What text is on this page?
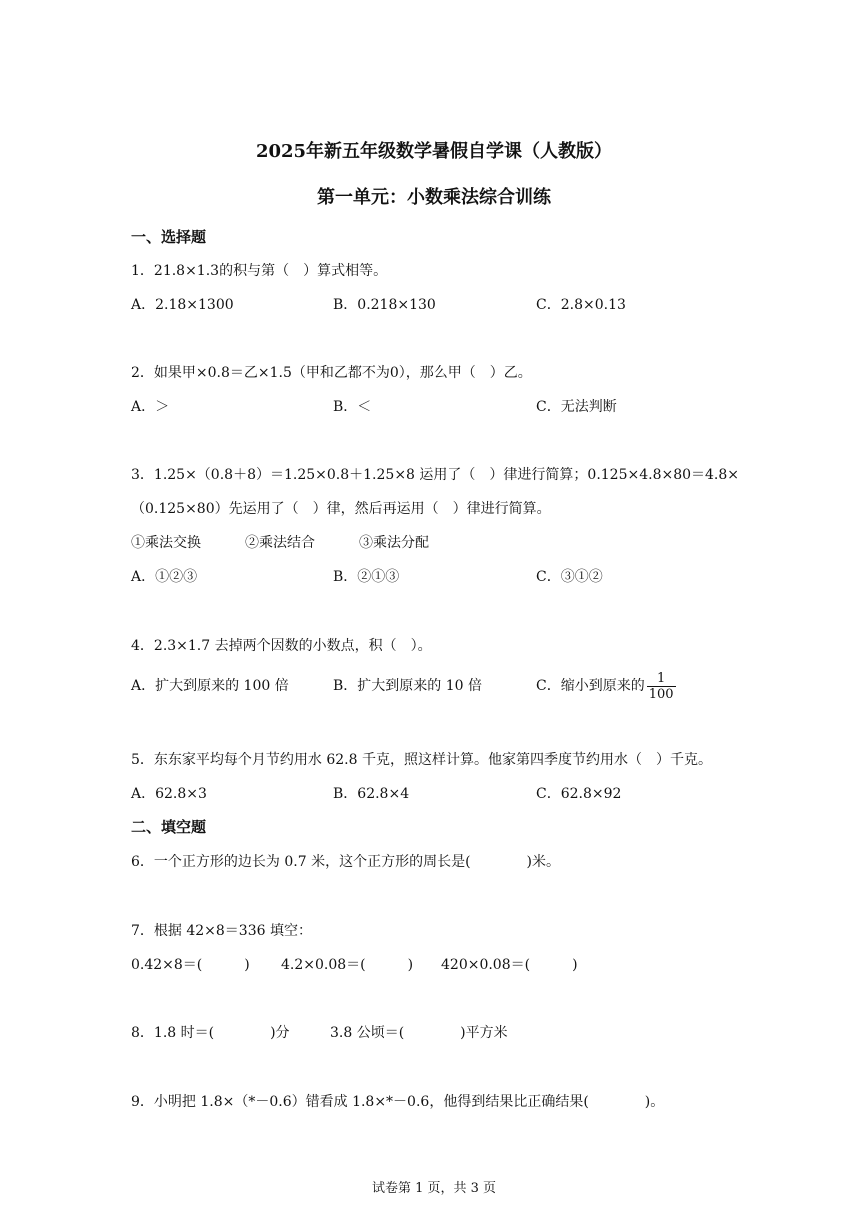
2025年新五年级数学暑假自学课（人教版）
第一单元：小数乘法综合训练
一、选择题
1．21.8×1.3的积与第（　）算式相等。
A．2.18×1300	B．0.218×130	C．2.8×0.13
2．如果甲×0.8＝乙×1.5（甲和乙都不为0），那么甲（　）乙。
A．＞	B．＜	C．无法判断
3．1.25×（0.8＋8）＝1.25×0.8＋1.25×8 运用了（　）律进行简算；0.125×4.8×80＝4.8×
（0.125×80）先运用了（　）律，然后再运用（　）律进行简算。
①乘法交换	②乘法结合	③乘法分配
A．①②③	B．②①③	C．③①②
4．2.3×1.7 去掉两个因数的小数点，积（　）。
A．扩大到原来的 100 倍	B．扩大到原来的 10 倍	C．缩小到原来的 $\frac{1}{100}$
5．东东家平均每个月节约用水 62.8 千克，照这样计算。他家第四季度节约用水（　）千克。
A．62.8×3	B．62.8×4	C．62.8×92
二、填空题
6．一个正方形的边长为 0.7 米，这个正方形的周长是(　　　　)米。
7．根据 42×8＝336 填空：
0.42×8＝(　　　) 4.2×0.08＝(　　　) 420×0.08＝(　　　)
8．1.8 时＝(　　　　)分	3.8 公顷＝(　　　　)平方米
9．小明把 1.8×（*－0.6）错看成 1.8×*－0.6，他得到结果比正确结果(　　　　)。
试卷第 1 页，共 3 页
